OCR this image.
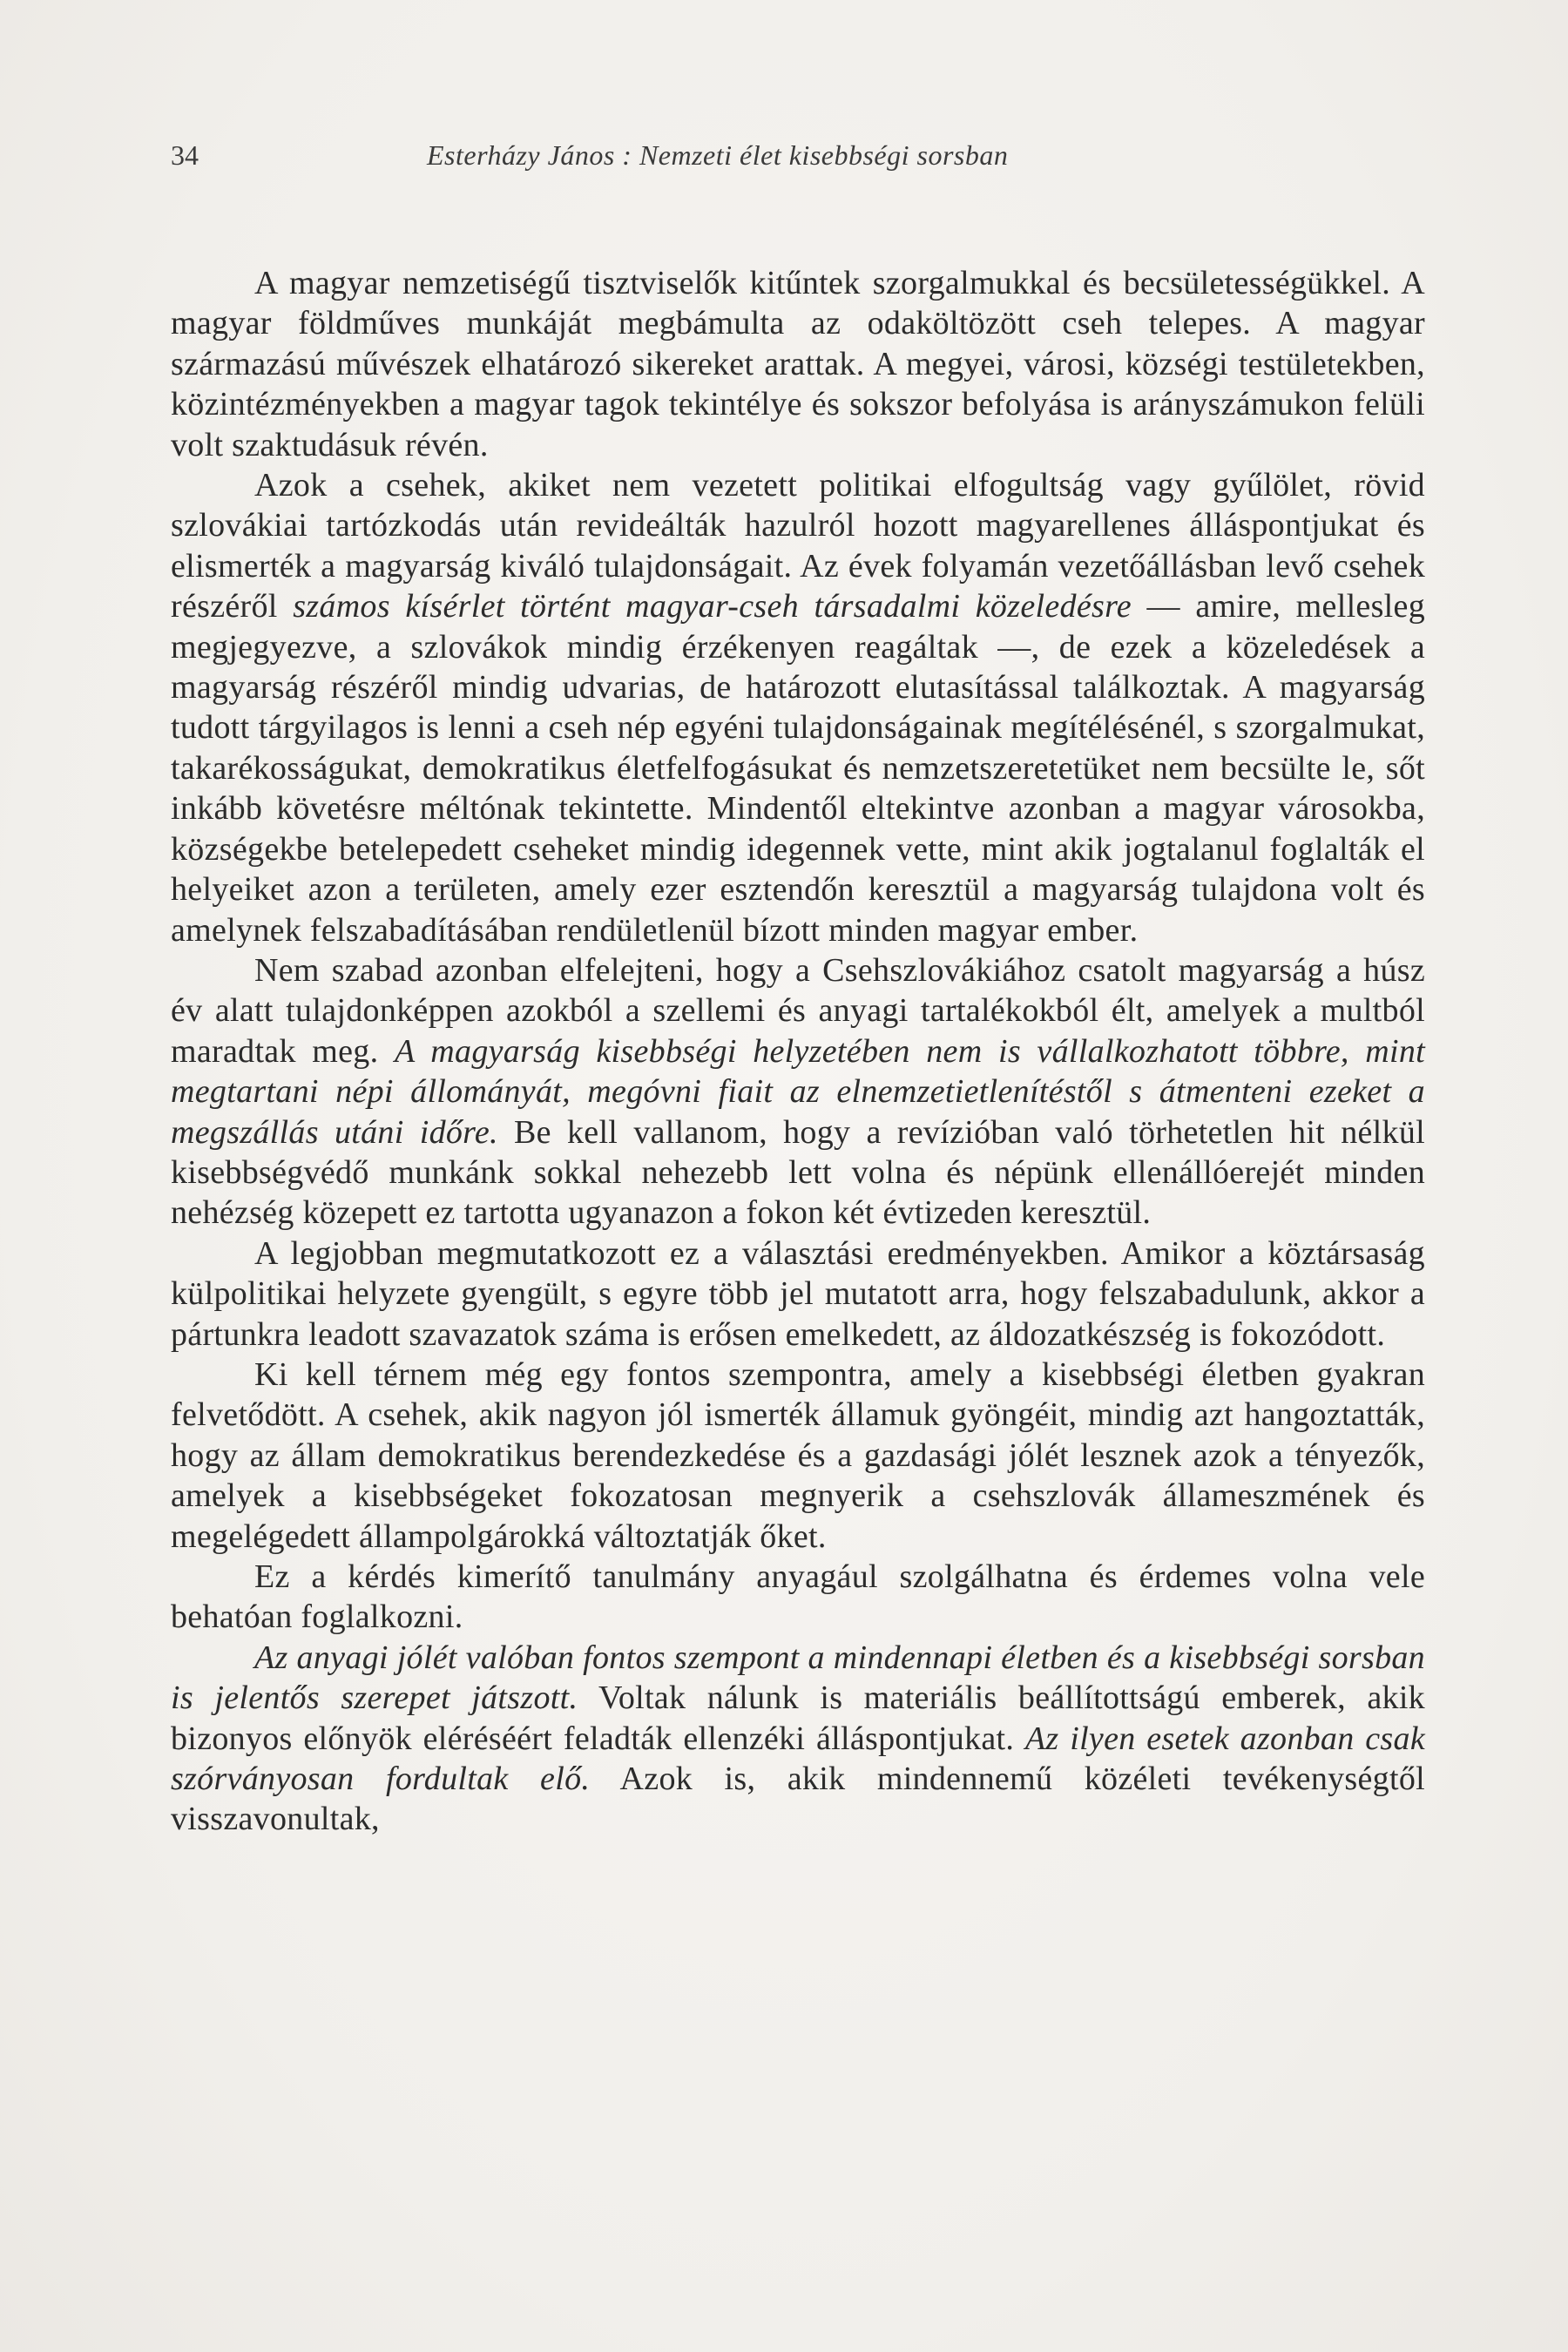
34	Esterházy János : Nemzeti élet kisebbségi sorsban

A magyar nemzetiségű tisztviselők kitűntek szorgalmukkal és becsületességükkel. A magyar földműves munkáját megbámulta az odaköltözött cseh telepes. A magyar származású művészek elhatározó sikereket arattak. A megyei, városi, községi testületekben, közintézményekben a magyar tagok tekintélye és sokszor befolyása is arányszámukon felüli volt szaktudásuk révén.

Azok a csehek, akiket nem vezetett politikai elfogultság vagy gyűlölet, rövid szlovákiai tartózkodás után revideálták hazulról hozott magyarellenes álláspontjukat és elismerték a magyarság kiváló tulajdonságait. Az évek folyamán vezetőállásban levő csehek részéről számos kísérlet történt magyar-cseh társadalmi közeledésre — amire, mellesleg megjegyezve, a szlovákok mindig érzékenyen reagáltak —, de ezek a közeledések a magyarság részéről mindig udvarias, de határozott elutasítással találkoztak. A magyarság tudott tárgyilagos is lenni a cseh nép egyéni tulajdonságainak megítélésénél, s szorgalmukat, takarékosságukat, demokratikus életfelfogásukat és nemzetszeretetüket nem becsülte le, sőt inkább követésre méltónak tekintette. Mindentől eltekintve azonban a magyar városokba, községekbe betelepedett cseheket mindig idegennek vette, mint akik jogtalanul foglalták el helyeiket azon a területen, amely ezer esztendőn keresztül a magyarság tulajdona volt és amelynek felszabadításában rendületlenül bízott minden magyar ember.

Nem szabad azonban elfelejteni, hogy a Csehszlovákiához csatolt magyarság a húsz év alatt tulajdonképpen azokból a szellemi és anyagi tartalékokból élt, amelyek a multból maradtak meg. A magyarság kisebbségi helyzetében nem is vállalkozhatott többre, mint megtartani népi állományát, megóvni fiait az elnemzetietlenítéstől s átmenteni ezeket a megszállás utáni időre. Be kell vallanom, hogy a revízióban való törhetetlen hit nélkül kisebbségvédő munkánk sokkal nehezebb lett volna és népünk ellenállóerejét minden nehézség közepett ez tartotta ugyanazon a fokon két évtizeden keresztül.

A legjobban megmutatkozott ez a választási eredményekben. Amikor a köztársaság külpolitikai helyzete gyengült, s egyre több jel mutatott arra, hogy felszabadulunk, akkor a pártunkra leadott szavazatok száma is erősen emelkedett, az áldozatkészség is fokozódott.

Ki kell térnem még egy fontos szempontra, amely a kisebbségi életben gyakran felvetődött. A csehek, akik nagyon jól ismerték államuk gyöngéit, mindig azt hangoztatták, hogy az állam demokratikus berendezkedése és a gazdasági jólét lesznek azok a tényezők, amelyek a kisebbségeket fokozatosan megnyerik a csehszlovák állameszmének és megelégedett állampolgárokká változtatják őket.

Ez a kérdés kimerítő tanulmány anyagául szolgálhatna és érdemes volna vele behatóan foglalkozni.

Az anyagi jólét valóban fontos szempont a mindennapi életben és a kisebbségi sorsban is jelentős szerepet játszott. Voltak nálunk is materiális beállítottságú emberek, akik bizonyos előnyök eléréséért feladták ellenzéki álláspontjukat. Az ilyen esetek azonban csak szórványosan fordultak elő. Azok is, akik mindennemű közéleti tevékenységtől visszavonultak,
